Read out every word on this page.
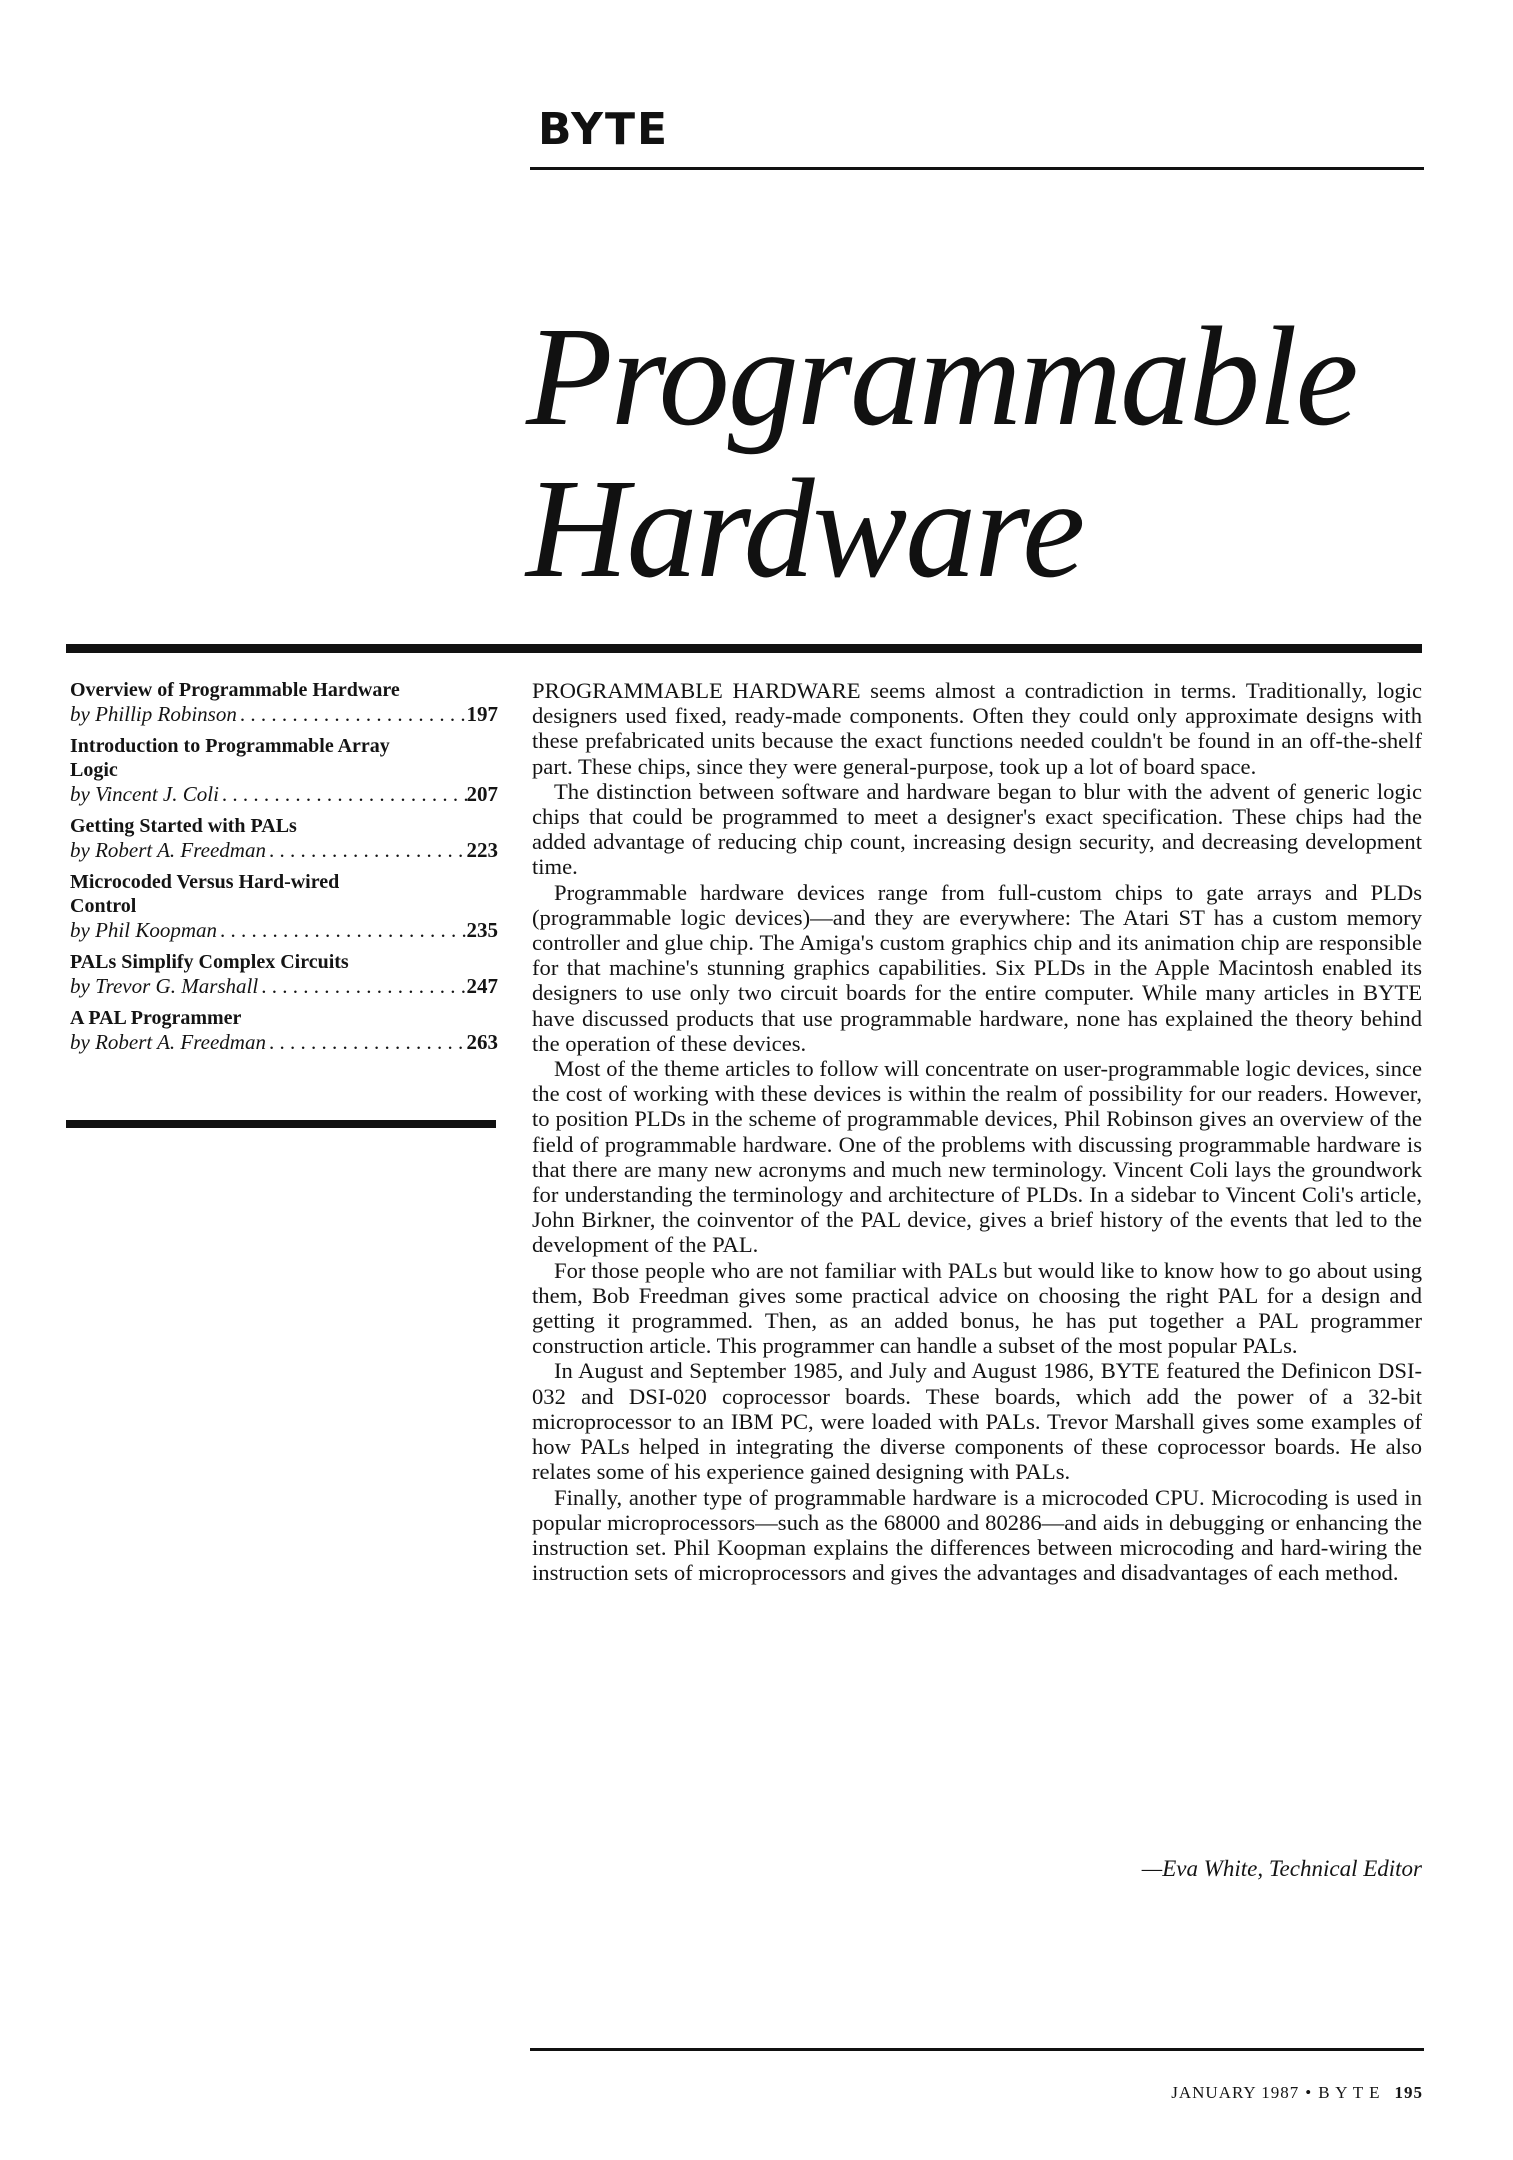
BYTE
Programmable
Hardware
Overview of Programmable Hardware
by Phillip Robinson . . .	197
Introduction to Programmable Array Logic
by Vincent J. Coli . . .	207
Getting Started with PALs
by Robert A. Freedman . . .	223
Microcoded Versus Hard-wired Control
by Phil Koopman . . .	235
PALs Simplify Complex Circuits
by Trevor G. Marshall . . .	247
A PAL Programmer
by Robert A. Freedman . . .	263

PROGRAMMABLE HARDWARE seems almost a contradiction in terms. Traditionally, logic designers used fixed, ready-made components. Often they could only approximate designs with these prefabricated units because the exact functions needed couldn't be found in an off-the-shelf part. These chips, since they were general-purpose, took up a lot of board space.

The distinction between software and hardware began to blur with the advent of generic logic chips that could be programmed to meet a designer's exact specification. These chips had the added advantage of reducing chip count, increasing design security, and decreasing development time.

Programmable hardware devices range from full-custom chips to gate arrays and PLDs (programmable logic devices)—and they are everywhere: The Atari ST has a custom memory controller and glue chip. The Amiga's custom graphics chip and its animation chip are responsible for that machine's stunning graphics capabilities. Six PLDs in the Apple Macintosh enabled its designers to use only two circuit boards for the entire computer. While many articles in BYTE have discussed products that use programmable hardware, none has explained the theory behind the operation of these devices.

Most of the theme articles to follow will concentrate on user-programmable logic devices, since the cost of working with these devices is within the realm of possibility for our readers. However, to position PLDs in the scheme of programmable devices, Phil Robinson gives an overview of the field of programmable hardware. One of the problems with discussing programmable hardware is that there are many new acronyms and much new terminology. Vincent Coli lays the groundwork for understanding the terminology and architecture of PLDs. In a sidebar to Vincent Coli's article, John Birkner, the coinventor of the PAL device, gives a brief history of the events that led to the development of the PAL.

For those people who are not familiar with PALs but would like to know how to go about using them, Bob Freedman gives some practical advice on choosing the right PAL for a design and getting it programmed. Then, as an added bonus, he has put together a PAL programmer construction article. This programmer can handle a subset of the most popular PALs.

In August and September 1985, and July and August 1986, BYTE featured the Definicon DSI-032 and DSI-020 coprocessor boards. These boards, which add the power of a 32-bit microprocessor to an IBM PC, were loaded with PALs. Trevor Marshall gives some examples of how PALs helped in integrating the diverse components of these coprocessor boards. He also relates some of his experience gained designing with PALs.

Finally, another type of programmable hardware is a microcoded CPU. Microcoding is used in popular microprocessors—such as the 68000 and 80286—and aids in debugging or enhancing the instruction set. Phil Koopman explains the differences between microcoding and hard-wiring the instruction sets of microprocessors and gives the advantages and disadvantages of each method.

—Eva White, Technical Editor
JANUARY 1987 • B Y T E 195
